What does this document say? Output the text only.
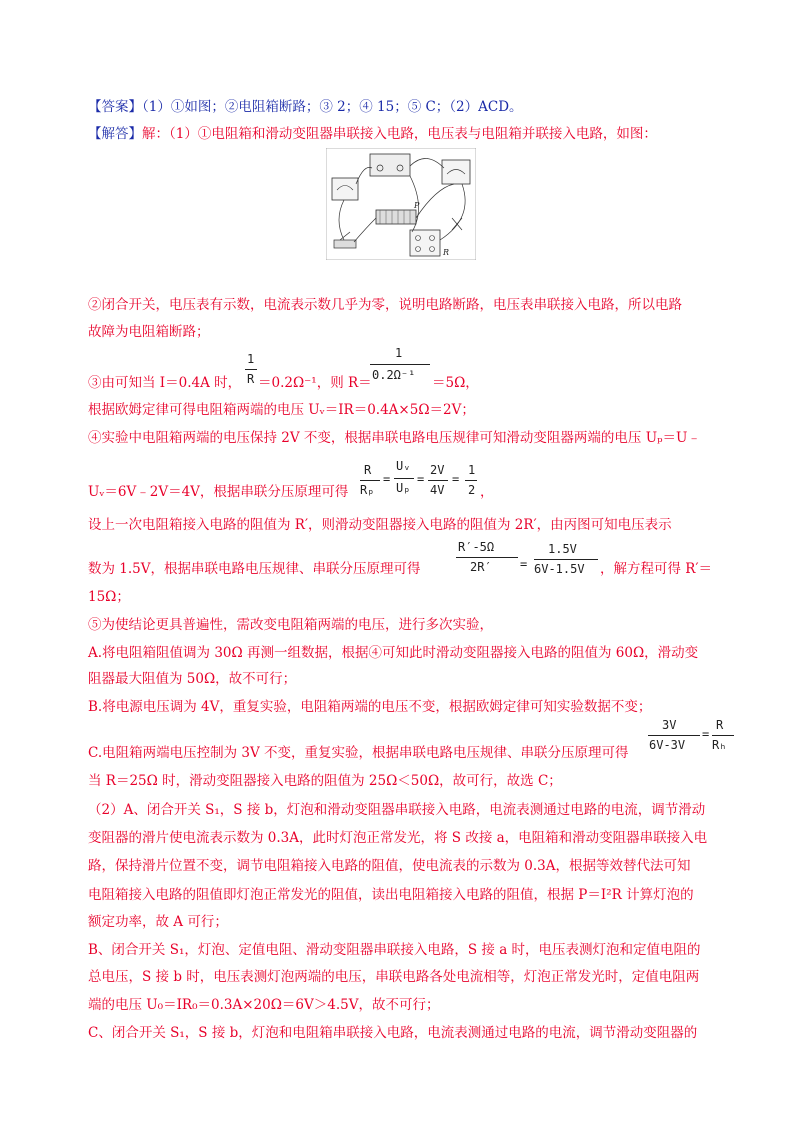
【答案】（1）①如图；②电阻箱断路；③ 2；④ 15；⑤ C；（2）ACD。
【解答】解：（1）①电阻箱和滑动变阻器串联接入电路，电压表与电阻箱并联接入电路，如图：
P
R
②闭合开关，电压表有示数，电流表示数几乎为零，说明电路断路，电压表串联接入电路，所以电路
故障为电阻箱断路；
③由可知当 I＝0.4A 时，
1
R ＝0.2Ω⁻¹，则 R＝
1
0.2Ω⁻¹ ＝5Ω，
根据欧姆定律可得电阻箱两端的电压 Uᵥ＝IR＝0.4A×5Ω＝2V；
④实验中电阻箱两端的电压保持 2V 不变，根据串联电路电压规律可知滑动变阻器两端的电压 Uₚ＝U﹣
Uᵥ＝6V﹣2V＝4V，根据串联分压原理可得
R
Rₚ
=
Uᵥ
Uₚ
=
2V
4V
=
1
2 ，
设上一次电阻箱接入电路的阻值为 R′，则滑动变阻器接入电路的阻值为 2R′，由丙图可知电压表示
数为 1.5V，根据串联电路电压规律、串联分压原理可得
R′-5Ω
2R′ =
1.5V
6V-1.5V ，解方程可得 R′＝
15Ω；
⑤为使结论更具普遍性，需改变电阻箱两端的电压，进行多次实验，
A.将电阻箱阻值调为 30Ω 再测一组数据，根据④可知此时滑动变阻器接入电路的阻值为 60Ω，滑动变
阻器最大阻值为 50Ω，故不可行；
B.将电源电压调为 4V，重复实验，电阻箱两端的电压不变，根据欧姆定律可知实验数据不变；
C.电阻箱两端电压控制为 3V 不变，重复实验，根据串联电路电压规律、串联分压原理可得
3V
6V-3V
=
R
Rₕ
当 R＝25Ω 时，滑动变阻器接入电路的阻值为 25Ω＜50Ω，故可行，故选 C；
（2）A、闭合开关 S₁，S 接 b，灯泡和滑动变阻器串联接入电路，电流表测通过电路的电流，调节滑动
变阻器的滑片使电流表示数为 0.3A，此时灯泡正常发光，将 S 改接 a，电阻箱和滑动变阻器串联接入电
路，保持滑片位置不变，调节电阻箱接入电路的阻值，使电流表的示数为 0.3A，根据等效替代法可知
电阻箱接入电路的阻值即灯泡正常发光的阻值，读出电阻箱接入电路的阻值，根据 P＝I²R 计算灯泡的
额定功率，故 A 可行；
B、闭合开关 S₁，灯泡、定值电阻、滑动变阻器串联接入电路，S 接 a 时，电压表测灯泡和定值电阻的
总电压，S 接 b 时，电压表测灯泡两端的电压，串联电路各处电流相等，灯泡正常发光时，定值电阻两
端的电压 U₀＝IR₀＝0.3A×20Ω＝6V＞4.5V，故不可行；
C、闭合开关 S₁，S 接 b，灯泡和电阻箱串联接入电路，电流表测通过电路的电流，调节滑动变阻器的
